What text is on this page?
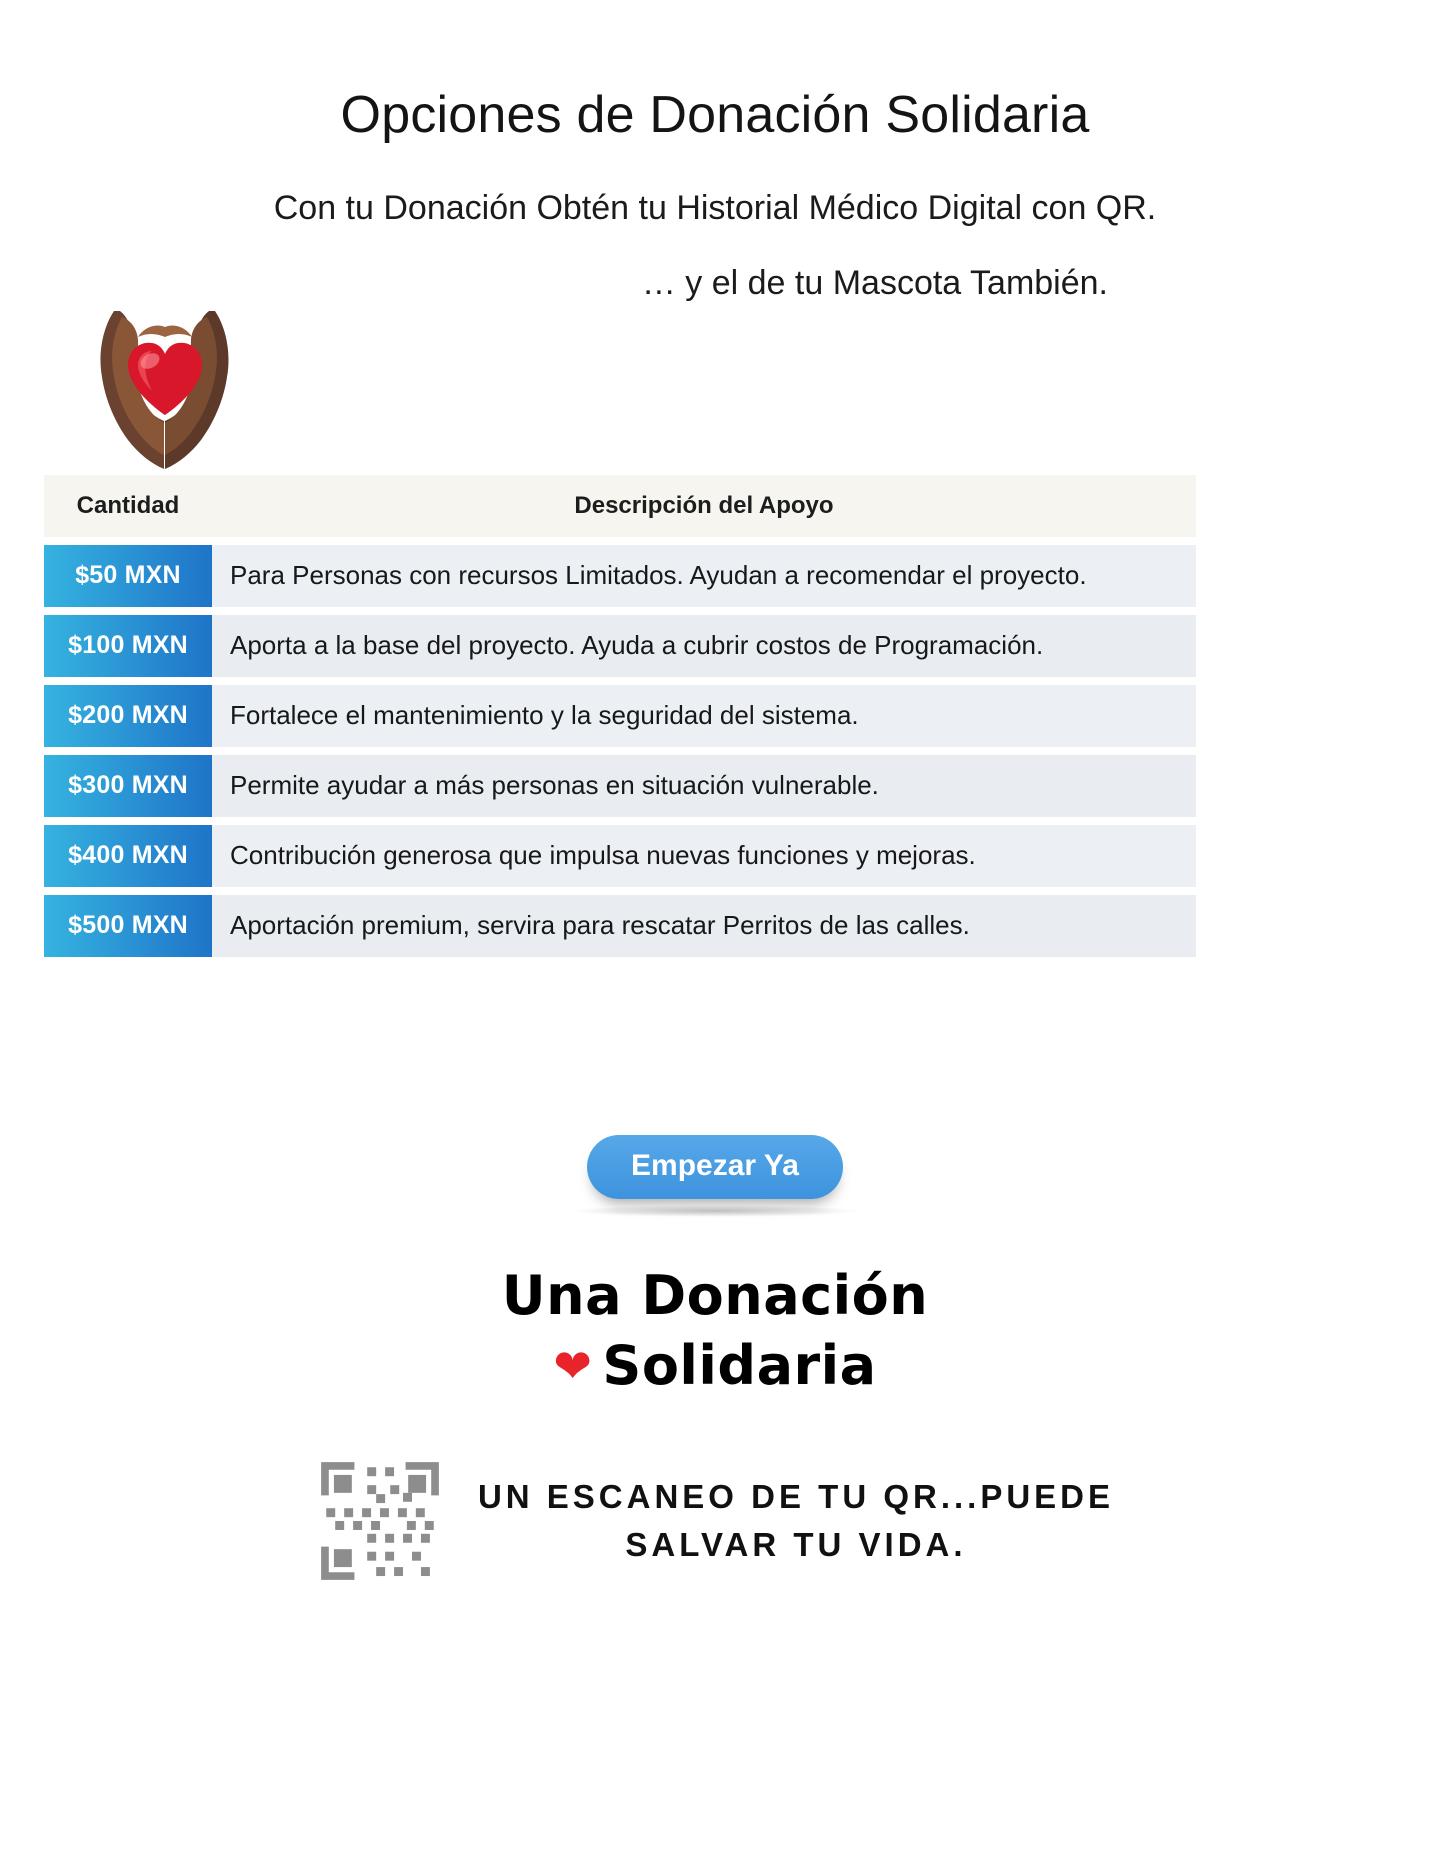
Opciones de Donación Solidaria

Con tu Donación Obtén tu Historial Médico Digital con QR.

… y el de tu Mascota También.

Cantidad	Descripción del Apoyo
$50 MXN	Para Personas con recursos Limitados. Ayudan a recomendar el proyecto.
$100 MXN	Aporta a la base del proyecto. Ayuda a cubrir costos de Programación.
$200 MXN	Fortalece el mantenimiento y la seguridad del sistema.
$300 MXN	Permite ayudar a más personas en situación vulnerable.
$400 MXN	Contribución generosa que impulsa nuevas funciones y mejoras.
$500 MXN	Aportación premium, servira para rescatar Perritos de las calles.
Empezar Ya
Una Donación
❤ Solidaria
UN ESCANEO DE TU QR...PUEDE
SALVAR TU VIDA.
